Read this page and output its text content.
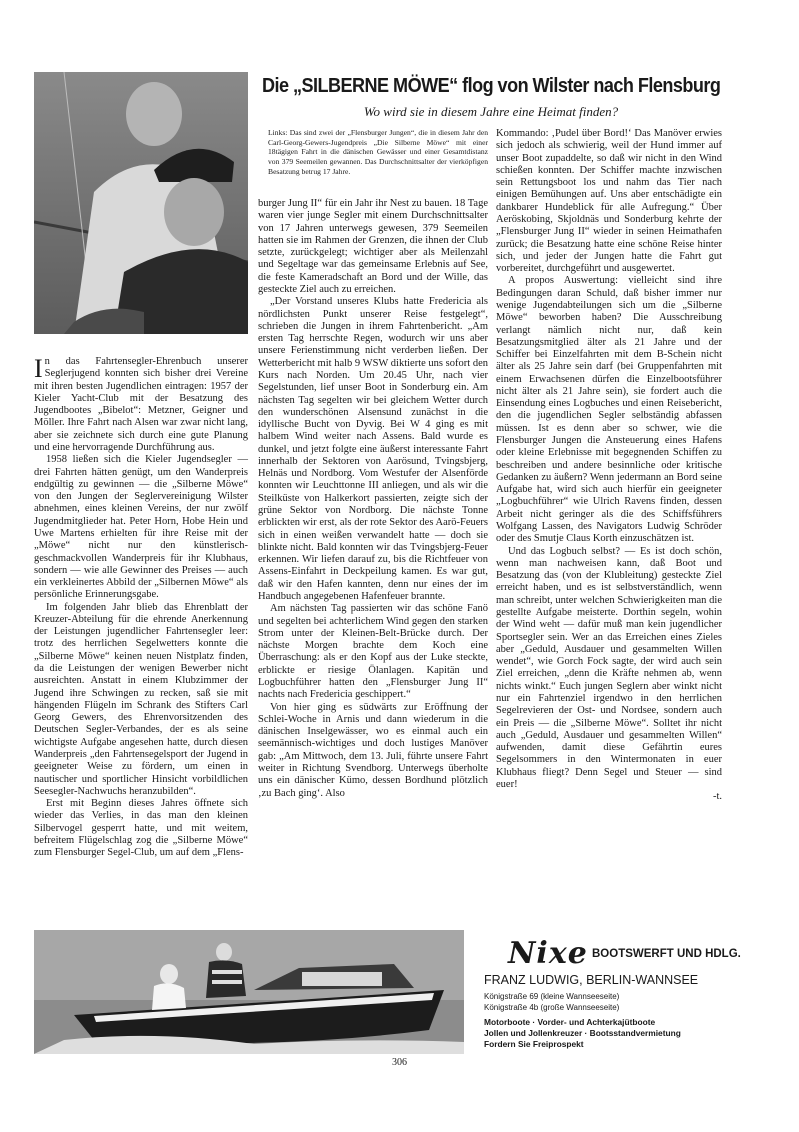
Die „SILBERNE MÖWE“ flog von Wilster nach Flensburg
Wo wird sie in diesem Jahre eine Heimat finden?
Links: Das sind zwei der „Flensburger Jungen“, die in diesem Jahr den Carl-Georg-Gewers-Jugendpreis „Die Silberne Möwe“ mit einer 18tägigen Fahrt in die dänischen Gewässer und einer Gesamtdistanz von 379 Seemeilen gewannen. Das Durchschnittsalter der vierköpfigen Besatzung betrug 17 Jahre.

In das Fahrtensegler-Ehrenbuch unserer Seglerjugend konnten sich bisher drei Vereine mit ihren besten Jugendlichen eintragen: 1957 der Kieler Yacht-Club mit der Besatzung des Jugendbootes „Bibelot“: Metzner, Geigner und Möller. Ihre Fahrt nach Alsen war zwar nicht lang, aber sie zeichnete sich durch eine gute Planung und eine hervorragende Durchführung aus.

1958 ließen sich die Kieler Jugendsegler — drei Fahrten hätten genügt, um den Wanderpreis endgültig zu gewinnen — die „Silberne Möwe“ von den Jungen der Seglervereinigung Wilster abnehmen, eines kleinen Vereins, der nur zwölf Jugendmitglieder hat. Peter Horn, Hobe Hein und Uwe Martens erhielten für ihre Reise mit der „Möwe“ nicht nur den künstlerisch-geschmackvollen Wanderpreis für ihr Klubhaus, sondern — wie alle Gewinner des Preises — auch ein verkleinertes Abbild der „Silbernen Möwe“ als persönliche Erinnerungsgabe.

Im folgenden Jahr blieb das Ehrenblatt der Kreuzer-Abteilung für die ehrende Anerkennung der Leistungen jugendlicher Fahrtensegler leer: trotz des herrlichen Segelwetters konnte die „Silberne Möwe“ keinen neuen Nistplatz finden, da die Leistungen der wenigen Bewerber nicht ausreichten. Anstatt in einem Klubzimmer der Jugend ihre Schwingen zu recken, saß sie mit hängenden Flügeln im Schrank des Stifters Carl Georg Gewers, des Ehrenvorsitzenden des Deutschen Segler-Verbandes, der es als seine wichtigste Aufgabe angesehen hatte, durch diesen Wanderpreis „den Fahrtensegelsport der Jugend in geeigneter Weise zu fördern, um einen in nautischer und sportlicher Hinsicht vorbildlichen Seesegler-Nachwuchs heranzubilden“.

Erst mit Beginn dieses Jahres öffnete sich wieder das Verlies, in das man den kleinen Silbervogel gesperrt hatte, und mit weitem, befreitem Flügelschlag zog die „Silberne Möwe“ zum Flensburger Segel-Club, um auf dem „Flens-

burger Jung II“ für ein Jahr ihr Nest zu bauen. 18 Tage waren vier junge Segler mit einem Durchschnittsalter von 17 Jahren unterwegs gewesen, 379 Seemeilen hatten sie im Rahmen der Grenzen, die ihnen der Club setzte, zurückgelegt; wichtiger aber als Meilenzahl und Segeltage war das gemeinsame Erlebnis auf See, die feste Kameradschaft an Bord und der Wille, das gesteckte Ziel auch zu erreichen.

„Der Vorstand unseres Klubs hatte Fredericia als nördlichsten Punkt unserer Reise festgelegt“, schrieben die Jungen in ihrem Fahrtenbericht. „Am ersten Tag herrschte Regen, wodurch wir uns aber unsere Ferienstimmung nicht verderben ließen. Der Wetterbericht mit halb 9 WSW diktierte uns sofort den Kurs nach Norden. Um 20.45 Uhr, nach vier Segelstunden, lief unser Boot in Sonderburg ein. Am nächsten Tag segelten wir bei gleichem Wetter durch den wunderschönen Alsensund zunächst in die idyllische Bucht von Dyvig. Bei W 4 ging es mit halbem Wind weiter nach Assens. Bald wurde es dunkel, und jetzt folgte eine äußerst interessante Fahrt innerhalb der Sektoren von Aarösund, Tvingsbjerg, Helnäs und Nordborg. Vom Westufer der Alsenförde konnten wir Leuchttonne III anliegen, und als wir die Steilküste von Halkerkort passierten, zeigte sich der grüne Sektor von Nordborg. Die nächste Tonne erblickten wir erst, als der rote Sektor des Aarö-Feuers sich in einen weißen verwandelt hatte — doch sie blinkte nicht. Bald konnten wir das Tvingsbjerg-Feuer erkennen. Wir liefen darauf zu, bis die Richtfeuer von Assens-Einfahrt in Deckpeilung kamen. Es war gut, daß wir den Hafen kannten, denn nur eines der im Handbuch angegebenen Hafenfeuer brannte.

Am nächsten Tag passierten wir das schöne Fanö und segelten bei achterlichem Wind gegen den starken Strom unter der Kleinen-Belt-Brücke durch. Der nächste Morgen brachte dem Koch eine Überraschung: als er den Kopf aus der Luke steckte, erblickte er riesige Ölanlagen. Kapitän und Logbuchführer hatten den „Flensburger Jung II“ nachts nach Fredericia geschippert.“

Von hier ging es südwärts zur Eröffnung der Schlei-Woche in Arnis und dann wiederum in die dänischen Inselgewässer, wo es einmal auch ein seemännisch-wichtiges und doch lustiges Manöver gab: „Am Mittwoch, dem 13. Juli, führte unsere Fahrt weiter in Richtung Svendborg. Unterwegs überholte uns ein dänischer Kümo, dessen Bordhund plötzlich ‚zu Bach ging‘. Also

Kommando: ‚Pudel über Bord!‘ Das Manöver erwies sich jedoch als schwierig, weil der Hund immer auf unser Boot zupaddelte, so daß wir nicht in den Wind schießen konnten. Der Schiffer machte inzwischen sein Rettungsboot los und nahm das Tier nach einigen Bemühungen auf. Uns aber entschädigte ein dankbarer Hundeblick für alle Aufregung.“ Über Aeröskobing, Skjoldnäs und Sonderburg kehrte der „Flensburger Jung II“ wieder in seinen Heimathafen zurück; die Besatzung hatte eine schöne Reise hinter sich, und jeder der Jungen hatte die Fahrt gut vorbereitet, durchgeführt und ausgewertet.

A propos Auswertung: vielleicht sind ihre Bedingungen daran Schuld, daß bisher immer nur wenige Jugendabteilungen sich um die „Silberne Möwe“ beworben haben? Die Ausschreibung verlangt nämlich nicht nur, daß kein Besatzungsmitglied älter als 21 Jahre und der Schiffer bei Einzelfahrten mit dem B-Schein nicht älter als 25 Jahre sein darf (bei Gruppenfahrten mit einem Erwachsenen dürfen die Einzelbootsführer nicht älter als 21 Jahre sein), sie fordert auch die Einsendung eines Logbuches und einen Reisebericht, den die jugendlichen Segler selbständig abfassen müssen. Ist es denn aber so schwer, wie die Flensburger Jungen die Ansteuerung eines Hafens oder kleine Erlebnisse mit begegnenden Schiffen zu beschreiben und andere besinnliche oder kritische Gedanken zu äußern? Wenn jedermann an Bord seine Aufgabe hat, wird sich auch hierfür ein geeigneter „Logbuchführer“ wie Ulrich Ravens finden, dessen Arbeit nicht geringer als die des Schiffsführers Wolfgang Lassen, des Navigators Ludwig Schröder oder des Smutje Claus Korth einzuschätzen ist.

Und das Logbuch selbst? — Es ist doch schön, wenn man nachweisen kann, daß Boot und Besatzung das (von der Klubleitung) gesteckte Ziel erreicht haben, und es ist selbstverständlich, wenn man schreibt, unter welchen Schwierigkeiten man die gestellte Aufgabe meisterte. Dorthin segeln, wohin der Wind weht — dafür muß man kein jugendlicher Sportsegler sein. Wer an das Erreichen eines Zieles aber „Geduld, Ausdauer und gesammelten Willen wendet“, wie Gorch Fock sagte, der wird auch sein Ziel erreichen, „denn die Kräfte nehmen ab, wenn nichts winkt.“ Euch jungen Seglern aber winkt nicht nur ein Fahrtenziel irgendwo in den herrlichen Segelrevieren der Ost- und Nordsee, sondern auch ein Preis — die „Silberne Möwe“. Solltet ihr nicht auch „Geduld, Ausdauer und gesammelten Willen“ aufwenden, damit diese Gefährtin eures Segelsommers in den Wintermonaten in euer Klubhaus fliegt? Denn Segel und Steuer — sind euer!

-t.

Nixe BOOTSWERFT UND HDLG.
FRANZ LUDWIG, BERLIN-WANNSEE
Königstraße 69 (kleine Wannseeseite)
Königstraße 4b (große Wannseeseite)
Motorboote · Vorder- und Achterkajütboote
Jollen und Jollenkreuzer · Bootsstandvermietung
Fordern Sie Freiprospekt
306
